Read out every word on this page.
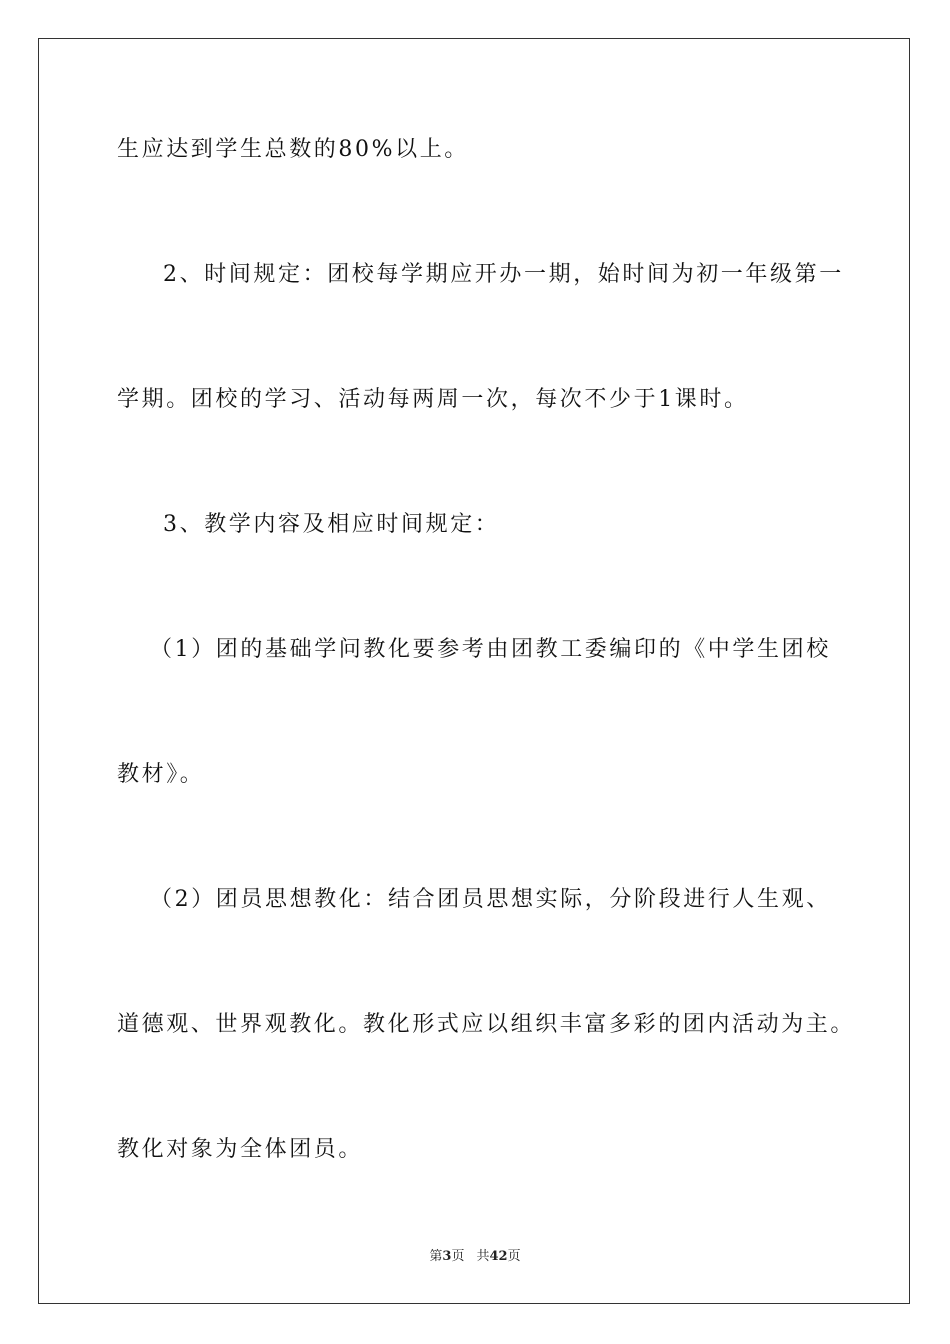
生应达到学生总数的80%以上。
2、时间规定：团校每学期应开办一期，始时间为初一年级第一
学期。团校的学习、活动每两周一次，每次不少于1课时。
3、教学内容及相应时间规定：
（1）团的基础学问教化要参考由团教工委编印的《中学生团校
教材》。
（2）团员思想教化：结合团员思想实际，分阶段进行人生观、
道德观、世界观教化。教化形式应以组织丰富多彩的团内活动为主。
教化对象为全体团员。
第3页 共42页
